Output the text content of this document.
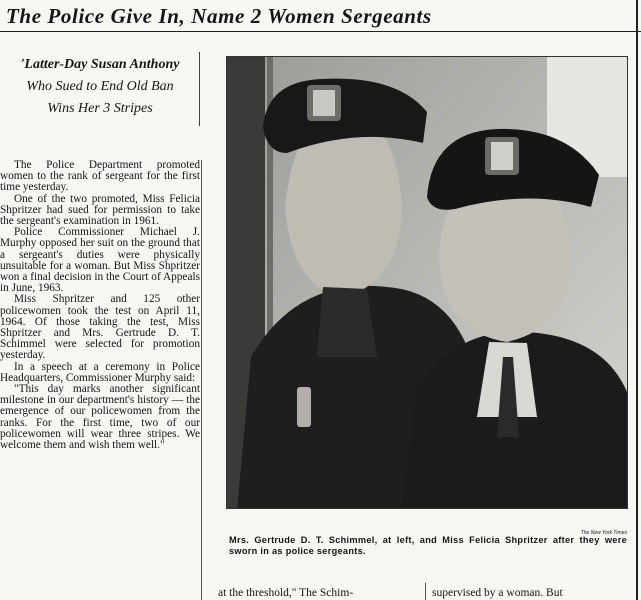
The Police Give In, Name 2 Women Sergeants
'Latter-Day Susan Anthony
Who Sued to End Old Ban
Wins Her 3 Stripes

The Police Department promoted women to the rank of sergeant for the first time yesterday.

One of the two promoted, Miss Felicia Shpritzer had sued for permission to take the sergeant's examination in 1961.

Police Commissioner Michael J. Murphy opposed her suit on the ground that a sergeant's duties were physically unsuitable for a woman. But Miss Shpritzer won a final decision in the Court of Appeals in June, 1963.

Miss Shpritzer and 125 other policewomen took the test on April 11, 1964. Of those taking the test, Miss Shpritzer and Mrs. Gertrude D. T. Schimmel were selected for promotion yesterday.

In a speech at a ceremony in Police Headquarters, Commissioner Murphy said:

"This day marks another significant milestone in our department's history — the emergence of our policewomen from the ranks. For the first time, two of our policewomen will wear three stripes. We welcome them and wish them well."

The New York Times
Mrs. Gertrude D. T. Schimmel, at left, and Miss Felicia Shpritzer after they were sworn in as police sergeants.
at the threshold," The Schim-	supervised by a woman. But
